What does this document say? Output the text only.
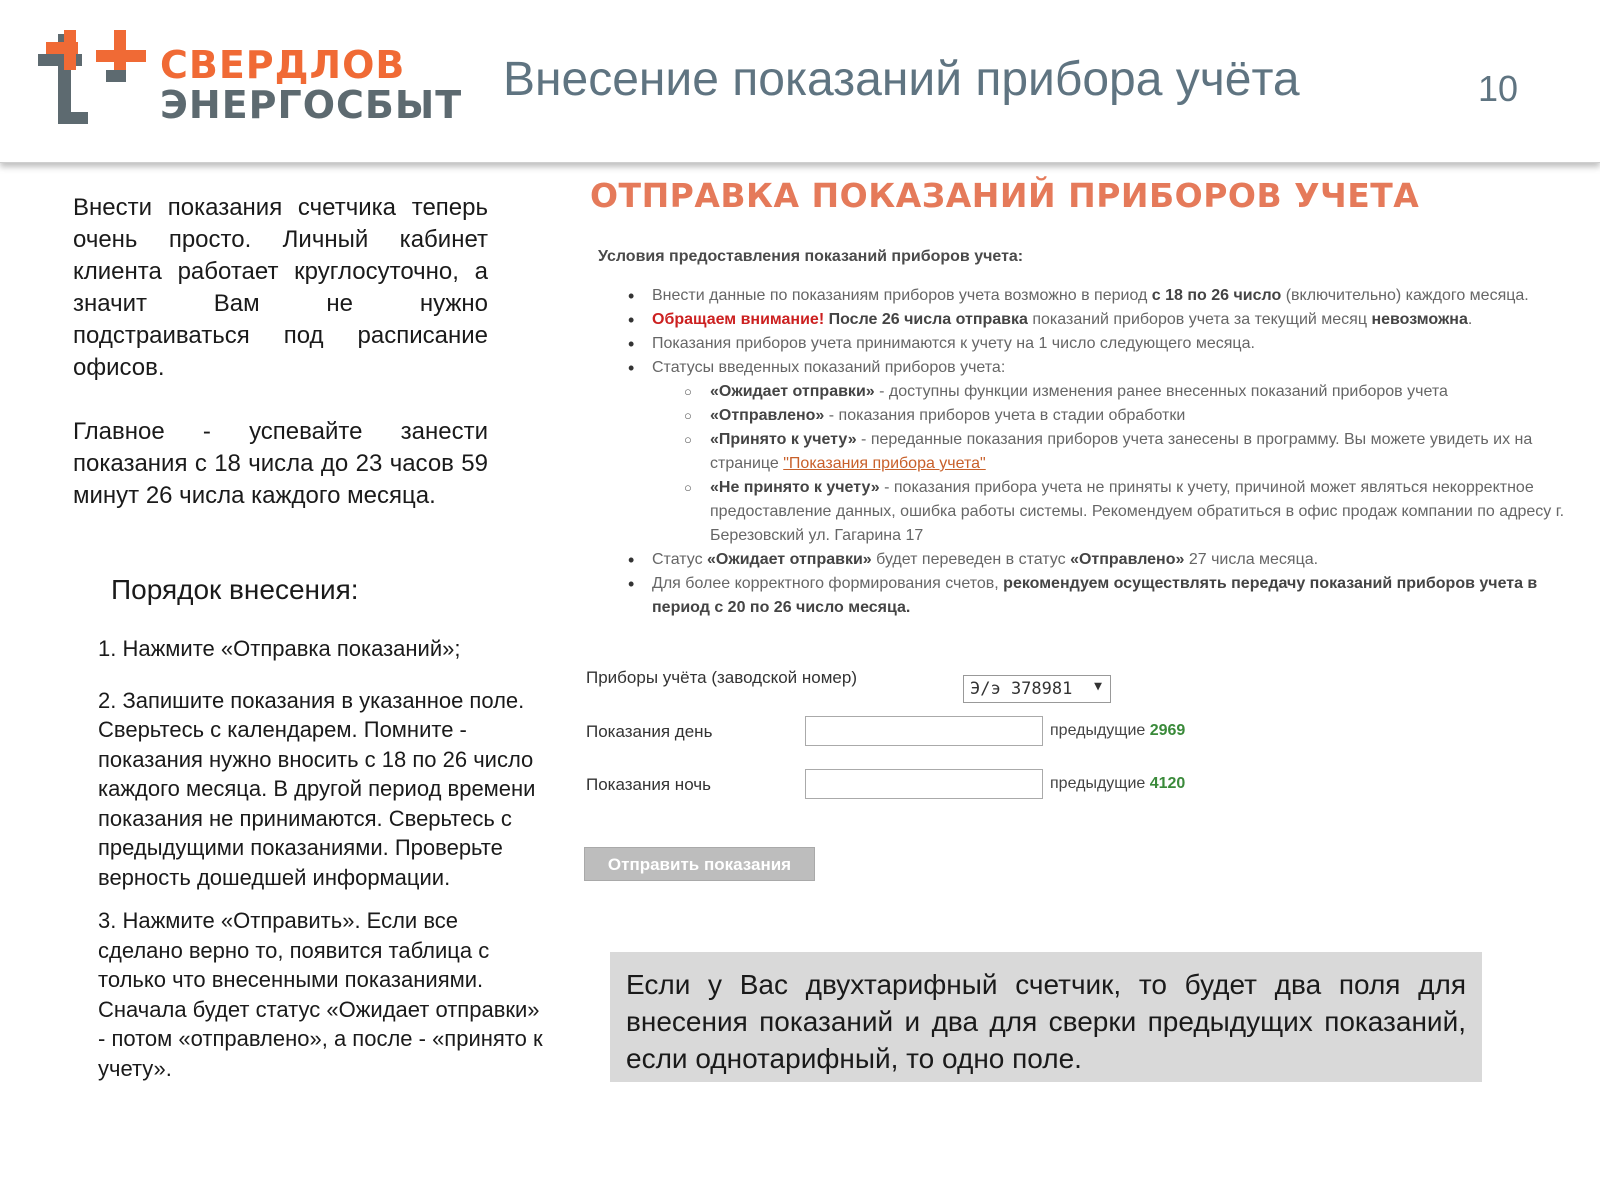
СВЕРДЛОВ
ЭНЕРГОСБЫТ Внесение показаний прибора учёта	10

Внести показания счетчика теперь очень просто. Личный кабинет клиента работает круглосуточно, а значит Вам не нужно подстраиваться под расписание офисов.

Главное - успевайте занести показания с 18 числа до 23 часов 59 минут 26 числа каждого месяца.

Порядок внесения:

1. Нажмите «Отправка показаний»;

2. Запишите показания в указанное поле. Сверьтесь с календарем. Помните - показания нужно вносить с 18 по 26 число каждого месяца. В другой период времени показания не принимаются. Сверьтесь с предыдущими показаниями. Проверьте верность дошедшей информации.

3. Нажмите «Отправить». Если все сделано верно то, появится таблица с только что внесенными показаниями. Сначала будет статус «Ожидает отправки» - потом «отправлено», а после - «принято к учету».

ОТПРАВКА ПОКАЗАНИЙ ПРИБОРОВ УЧЕТА
Условия предоставления показаний приборов учета:
• Внести данные по показаниям приборов учета возможно в период с 18 по 26 число (включительно) каждого месяца.
• Обращаем внимание! После 26 числа отправка показаний приборов учета за текущий месяц невозможна.
• Показания приборов учета принимаются к учету на 1 число следующего месяца.
• Статусы введенных показаний приборов учета:
○ «Ожидает отправки» - доступны функции изменения ранее внесенных показаний приборов учета
○ «Отправлено» - показания приборов учета в стадии обработки
○ «Принято к учету» - переданные показания приборов учета занесены в программу. Вы можете увидеть их на странице "Показания прибора учета"
○ «Не принято к учету» - показания прибора учета не приняты к учету, причиной может являться некорректное предоставление данных, ошибка работы системы. Рекомендуем обратиться в офис продаж компании по адресу г. Березовский ул. Гагарина 17
• Статус «Ожидает отправки» будет переведен в статус «Отправлено» 27 числа месяца.
• Для более корректного формирования счетов, рекомендуем осуществлять передачу показаний приборов учета в период с 20 по 26 число месяца.
Приборы учёта (заводской номер)
Э/э 378981 ▼
Показания день	предыдущие 2969
Показания ночь	предыдущие 4120
Отправить показания
Если у Вас двухтарифный счетчик, то будет два поля для внесения показаний и два для сверки предыдущих показаний, если однотарифный, то одно поле.
